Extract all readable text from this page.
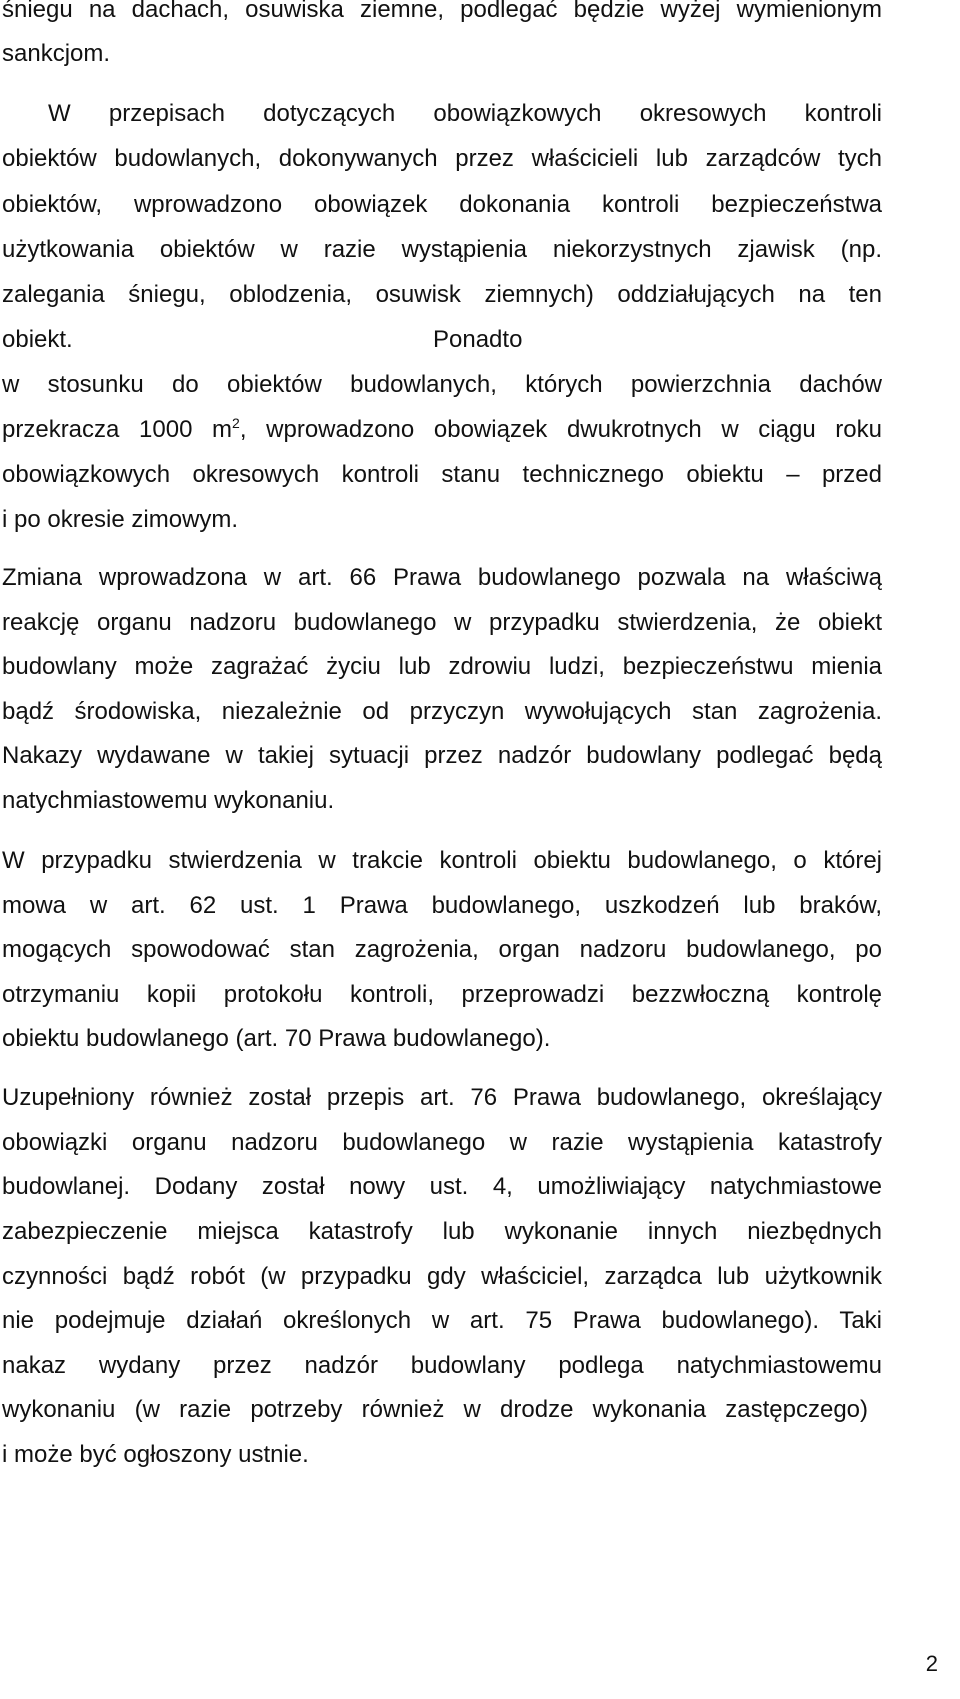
śniegu na dachach, osuwiska ziemne, podlegać będzie wyżej wymienionym
sankcjom.
W przepisach dotyczących obowiązkowych okresowych kontroli
obiektów budowlanych, dokonywanych przez właścicieli lub zarządców tych
obiektów, wprowadzono obowiązek dokonania kontroli bezpieczeństwa
użytkowania obiektów w razie wystąpienia niekorzystnych zjawisk (np.
zalegania śniegu, oblodzenia, osuwisk ziemnych) oddziałujących na ten
obiekt.	Ponadto
w stosunku do obiektów budowlanych, których powierzchnia dachów
przekracza 1000 $m^2$, wprowadzono obowiązek dwukrotnych w ciągu roku
obowiązkowych okresowych kontroli stanu technicznego obiektu – przed
i po okresie zimowym.
Zmiana wprowadzona w art. 66 Prawa budowlanego pozwala na właściwą
reakcję organu nadzoru budowlanego w przypadku stwierdzenia, że obiekt
budowlany może zagrażać życiu lub zdrowiu ludzi, bezpieczeństwu mienia
bądź środowiska, niezależnie od przyczyn wywołujących stan zagrożenia.
Nakazy wydawane w takiej sytuacji przez nadzór budowlany podlegać będą
natychmiastowemu wykonaniu.
W przypadku stwierdzenia w trakcie kontroli obiektu budowlanego, o której
mowa w art. 62 ust. 1 Prawa budowlanego, uszkodzeń lub braków,
mogących spowodować stan zagrożenia, organ nadzoru budowlanego, po
otrzymaniu kopii protokołu kontroli, przeprowadzi bezzwłoczną kontrolę
obiektu budowlanego (art. 70 Prawa budowlanego).
Uzupełniony również został przepis art. 76 Prawa budowlanego, określający
obowiązki organu nadzoru budowlanego w razie wystąpienia katastrofy
budowlanej. Dodany został nowy ust. 4, umożliwiający natychmiastowe
zabezpieczenie miejsca katastrofy lub wykonanie innych niezbędnych
czynności bądź robót (w przypadku gdy właściciel, zarządca lub użytkownik
nie podejmuje działań określonych w art. 75 Prawa budowlanego). Taki
nakaz wydany przez nadzór budowlany podlega natychmiastowemu
wykonaniu (w razie potrzeby również w drodze wykonania zastępczego)
i może być ogłoszony ustnie.
2
